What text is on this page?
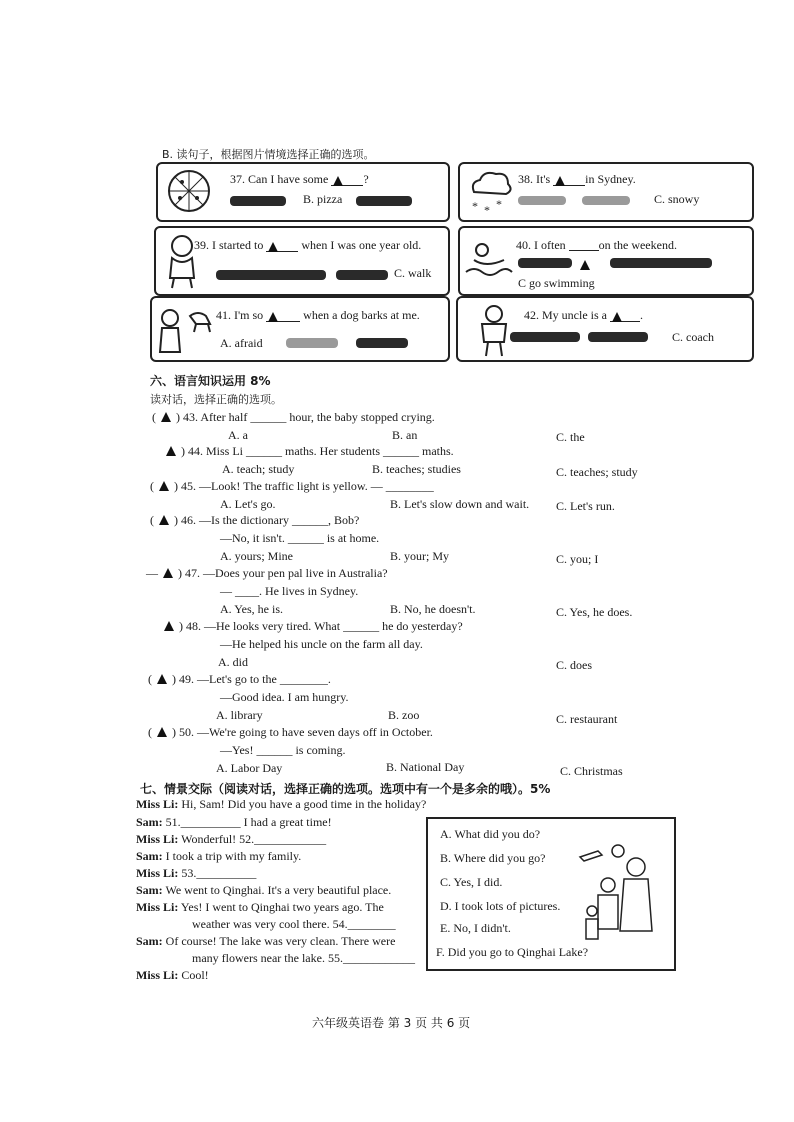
B. 读句子，根据图片情境选择正确的选项。
37. Can I have some	?
B. pizza	* * *
38. It's	in Sydney.
C. snowy
39. I started to	when I was one year old.
C. walk
40. I often	on the weekend.
C go swimming
41. I'm so	when a dog barks at me.
A. afraid
42. My uncle is a	.
C. coach
六、语言知识运用 8%
读对话，选择正确的选项。
( ) 43. After half ______ hour, the baby stopped crying.
A. a	B. an	C. the
) 44. Miss Li ______ maths. Her students ______ maths.
A. teach; study	B. teaches; studies	C. teaches; study
( ) 45. —Look! The traffic light is yellow. — ________
A. Let's go.	B. Let's slow down and wait. C. Let's run.
( ) 46. —Is the dictionary ______, Bob?
—No, it isn't. ______ is at home.
A. yours; Mine	B. your; My	C. you; I
— ) 47. —Does your pen pal live in Australia?
— ____. He lives in Sydney.
A. Yes, he is.	B. No, he doesn't.	C. Yes, he does.
) 48. —He looks very tired. What ______ he do yesterday?
—He helped his uncle on the farm all day.
A. did	C. does
( ) 49. —Let's go to the ________.
—Good idea. I am hungry.
A. library	B. zoo	C. restaurant
( ) 50. —We're going to have seven days off in October.
—Yes! ______ is coming.
A. Labor Day	B. National Day	C. Christmas
七、情景交际（阅读对话，选择正确的选项。选项中有一个是多余的哦）。5%
Miss Li: Hi, Sam! Did you have a good time in the holiday?
Sam: 51.__________ I had a great time!
Miss Li: Wonderful! 52.____________
Sam: I took a trip with my family.
Miss Li: 53.__________
Sam: We went to Qinghai. It's a very beautiful place.
Miss Li: Yes! I went to Qinghai two years ago. The
weather was very cool there. 54.________
Sam: Of course! The lake was very clean. There were
many flowers near the lake. 55.____________
Miss Li: Cool!
A. What did you do?
B. Where did you go?
C. Yes, I did.
D. I took lots of pictures.
E. No, I didn't.
F. Did you go to Qinghai Lake?
六年级英语卷 第 3 页 共 6 页
